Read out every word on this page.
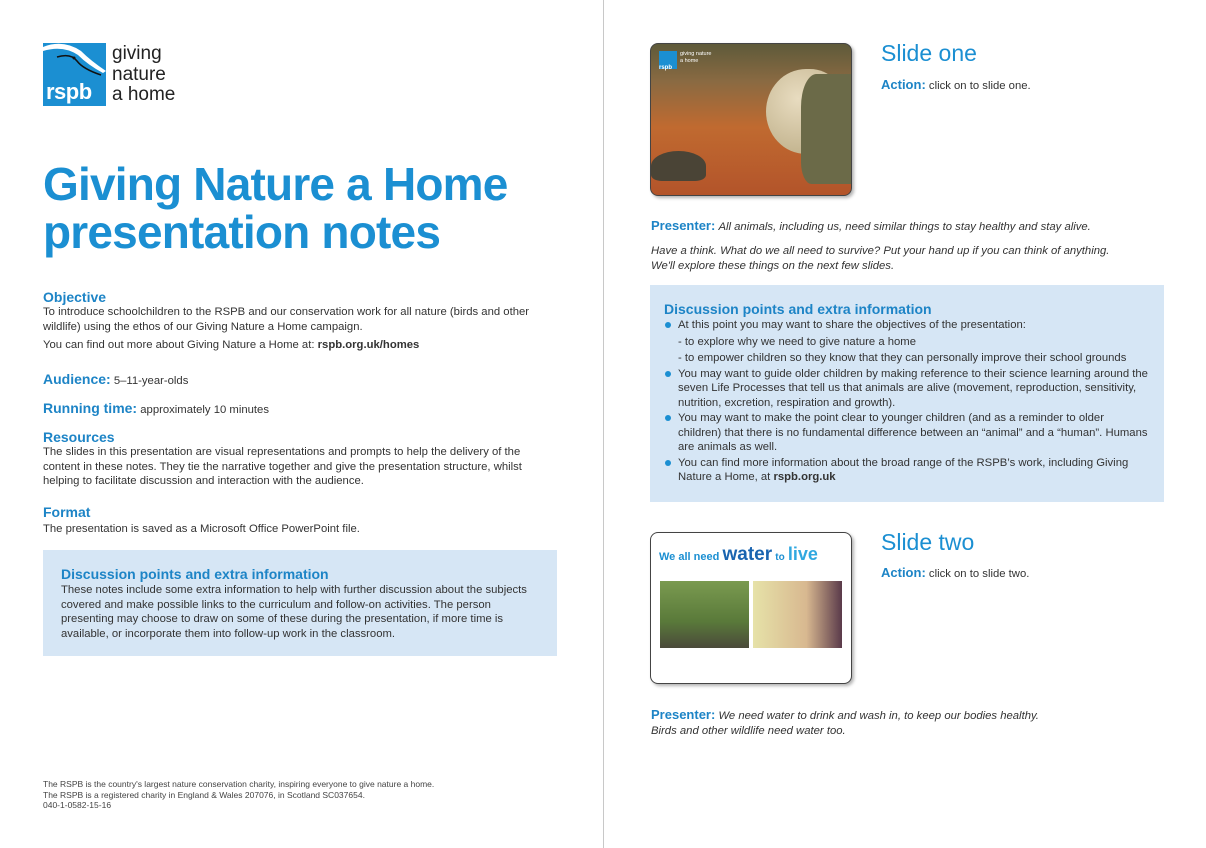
rspb
giving
nature
a home
Giving Nature a Home presentation notes
Objective

To introduce schoolchildren to the RSPB and our conservation work for all nature (birds and other wildlife) using the ethos of our Giving Nature a Home campaign.

You can find out more about Giving Nature a Home at: rspb.org.uk/homes

Audience: 5–11-year-olds
Running time: approximately 10 minutes
Resources

The slides in this presentation are visual representations and prompts to help the delivery of the content in these notes. They tie the narrative together and give the presentation structure, whilst helping to facilitate discussion and interaction with the audience.

Format

The presentation is saved as a Microsoft Office PowerPoint file.

Discussion points and extra information

These notes include some extra information to help with further discussion about the subjects covered and make possible links to the curriculum and follow-on activities. The person presenting may choose to draw on some of these during the presentation, if more time is available, or incorporate them into follow-up work in the classroom.

The RSPB is the country's largest nature conservation charity, inspiring everyone to give nature a home.
The RSPB is a registered charity in England & Wales 207076, in Scotland SC037654.
040-1-0582-15-16
rspb
giving nature a home	Slide one
Action: click on to slide one.
Presenter: All animals, including us, need similar things to stay healthy and stay alive.
Have a think. What do we all need to survive? Put your hand up if you can think of anything.
We'll explore these things on the next few slides.
Discussion points and extra information
At this point you may want to share the objectives of the presentation:
- to explore why we need to give nature a home
- to empower children so they know that they can personally improve their school grounds
You may want to guide older children by making reference to their science learning around the seven Life Processes that tell us that animals are alive (movement, reproduction, sensitivity, nutrition, excretion, respiration and growth).
You may want to make the point clear to younger children (and as a reminder to older children) that there is no fundamental difference between an “animal” and a “human”. Humans are animals as well.
You can find more information about the broad range of the RSPB’s work, including Giving Nature a Home, at rspb.org.uk
We all need water to live	Slide two
Action: click on to slide two.
Presenter: We need water to drink and wash in, to keep our bodies healthy.
Birds and other wildlife need water too.
